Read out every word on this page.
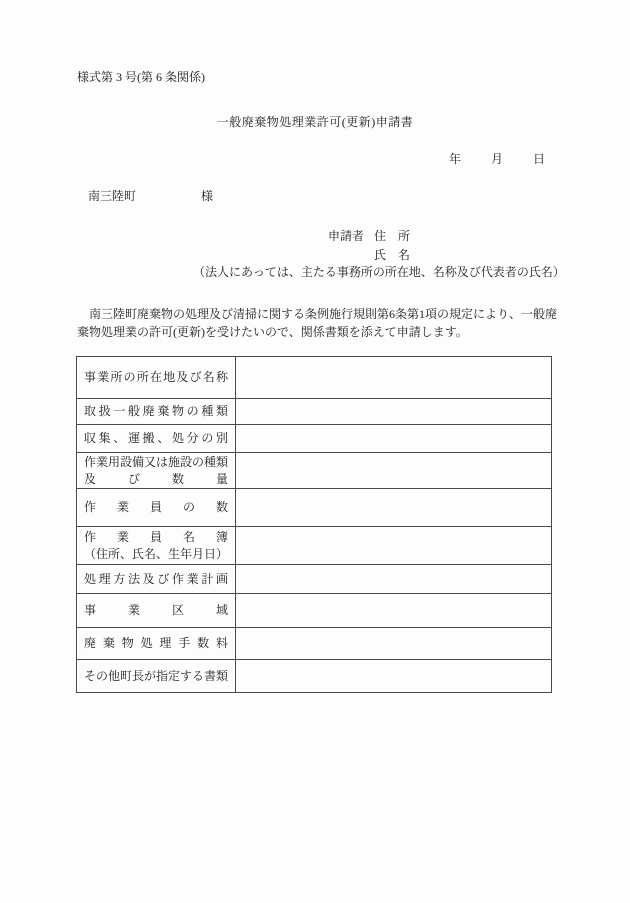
様式第 3 号(第 6 条関係)
一般廃棄物処理業許可(更新)申請書
年	月	日
南三陸町	様
申請者 住　所
氏　名
（法人にあっては、主たる事務所の所在地、名称及び代表者の氏名）
南三陸町廃棄物の処理及び清掃に関する条例施行規則第6条第1項の規定により、一般廃
棄物処理業の許可(更新)を受けたいので、関係書類を添えて申請します。
事業所の所在地及び名称
取扱一般廃棄物の種類
収集、運搬、処分の別
作業用設備又は施設の種類
及び数量
作業員の数
作業員名簿
（住所、氏名、生年月日）
処理方法及び作業計画
事業区域
廃棄物処理手数料
その他町長が指定する書類
